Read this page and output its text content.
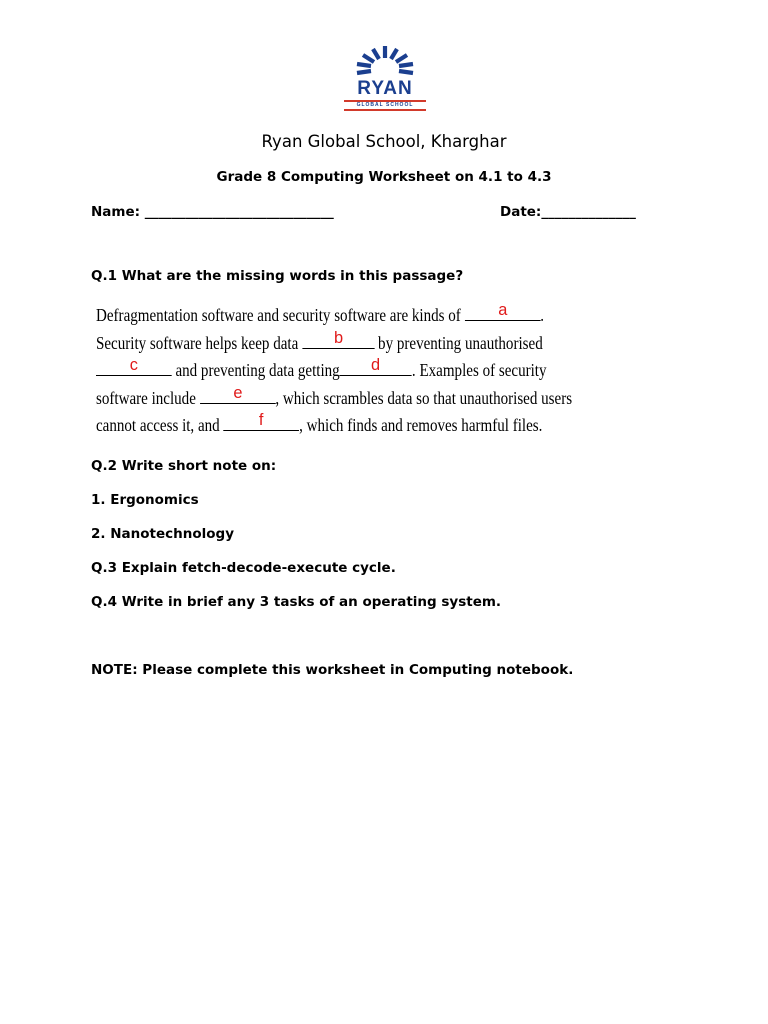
RYAN
GLOBAL SCHOOL
Ryan Global School, Kharghar
Grade 8 Computing Worksheet on 4.1 to 4.3
Name: ____________________________	Date:______________
Q.1 What are the missing words in this passage?
Defragmentation software and security software are kinds of	a	.
Security software helps keep data	b	by preventing unauthorised
c	and preventing data getting	d	. Examples of security
software include	e	, which scrambles data so that unauthorised users
cannot access it, and	f	, which finds and removes harmful files.
Q.2 Write short note on:
1. Ergonomics
2. Nanotechnology
Q.3 Explain fetch-decode-execute cycle.
Q.4 Write in brief any 3 tasks of an operating system.
NOTE: Please complete this worksheet in Computing notebook.
